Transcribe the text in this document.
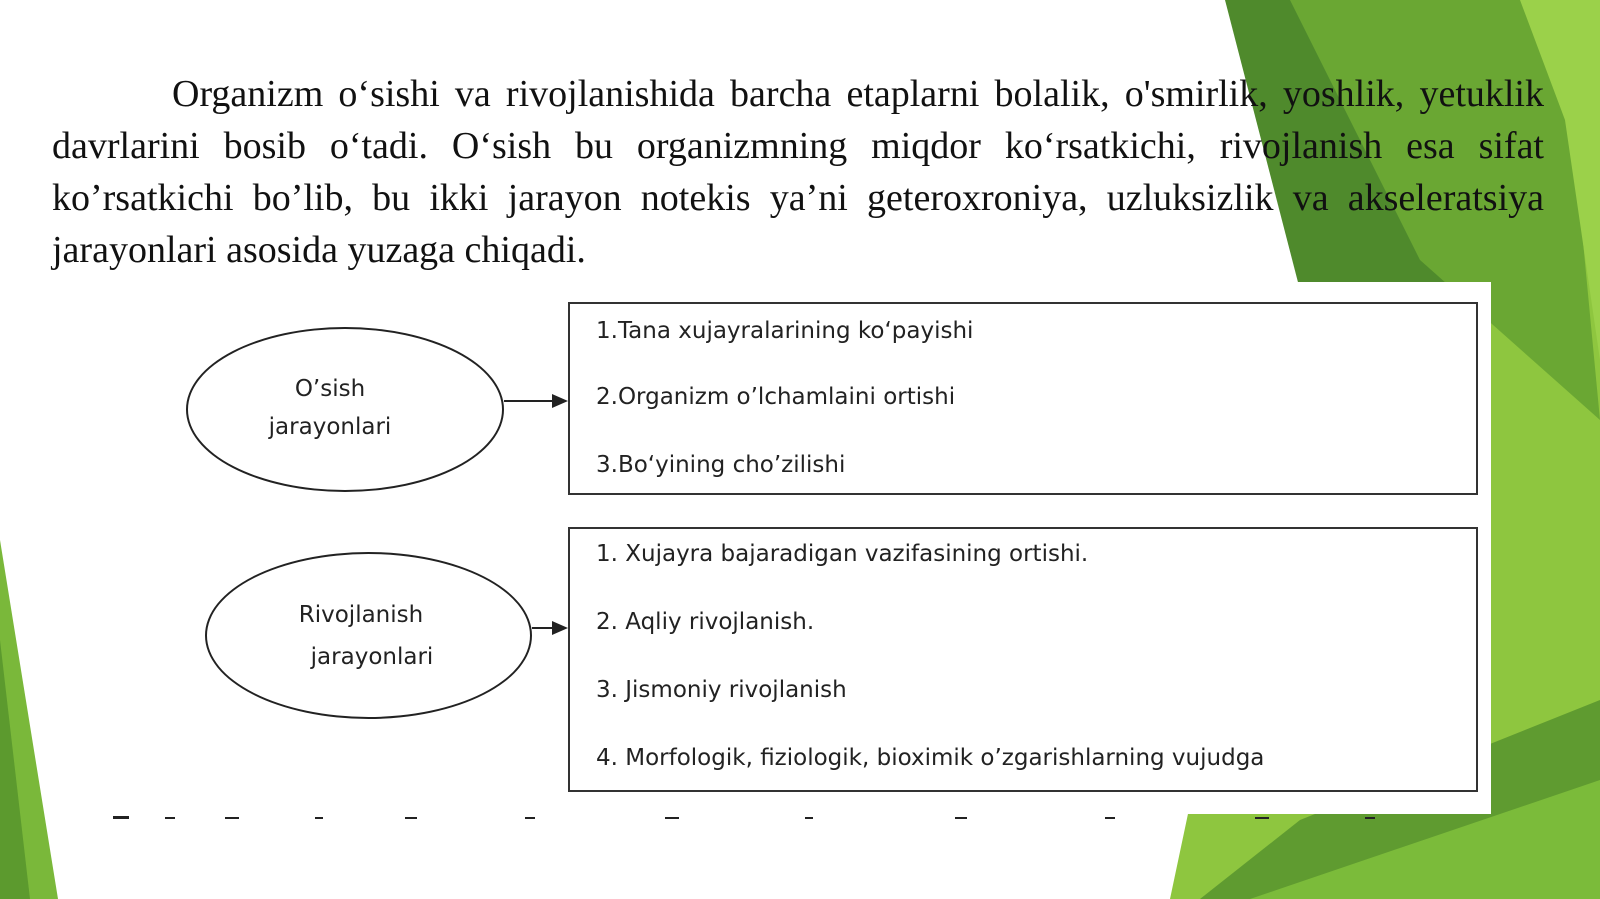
Organizm o‘sishi va rivojlanishida barcha etaplarni bolalik, o'smirlik, yoshlik, yetuklik davrlarini bosib o‘tadi. O‘sish bu organizmning miqdor ko‘rsatkichi, rivojlanish esa sifat ko’rsatkichi bo’lib, bu ikki jarayon notekis ya’ni geteroxroniya, uzluksizlik va akseleratsiya jarayonlari asosida yuzaga chiqadi.

O’sish
jarayonlari
1.Tana xujayralarining ko‘payishi
2.Organizm o’lchamlaini ortishi
3.Bo‘yining cho’zilishi
Rivojlanish
jarayonlari
1. Xujayra bajaradigan vazifasining ortishi.
2. Aqliy rivojlanish.
3. Jismoniy rivojlanish
4. Morfologik, fiziologik, bioximik o’zgarishlarning vujudga
